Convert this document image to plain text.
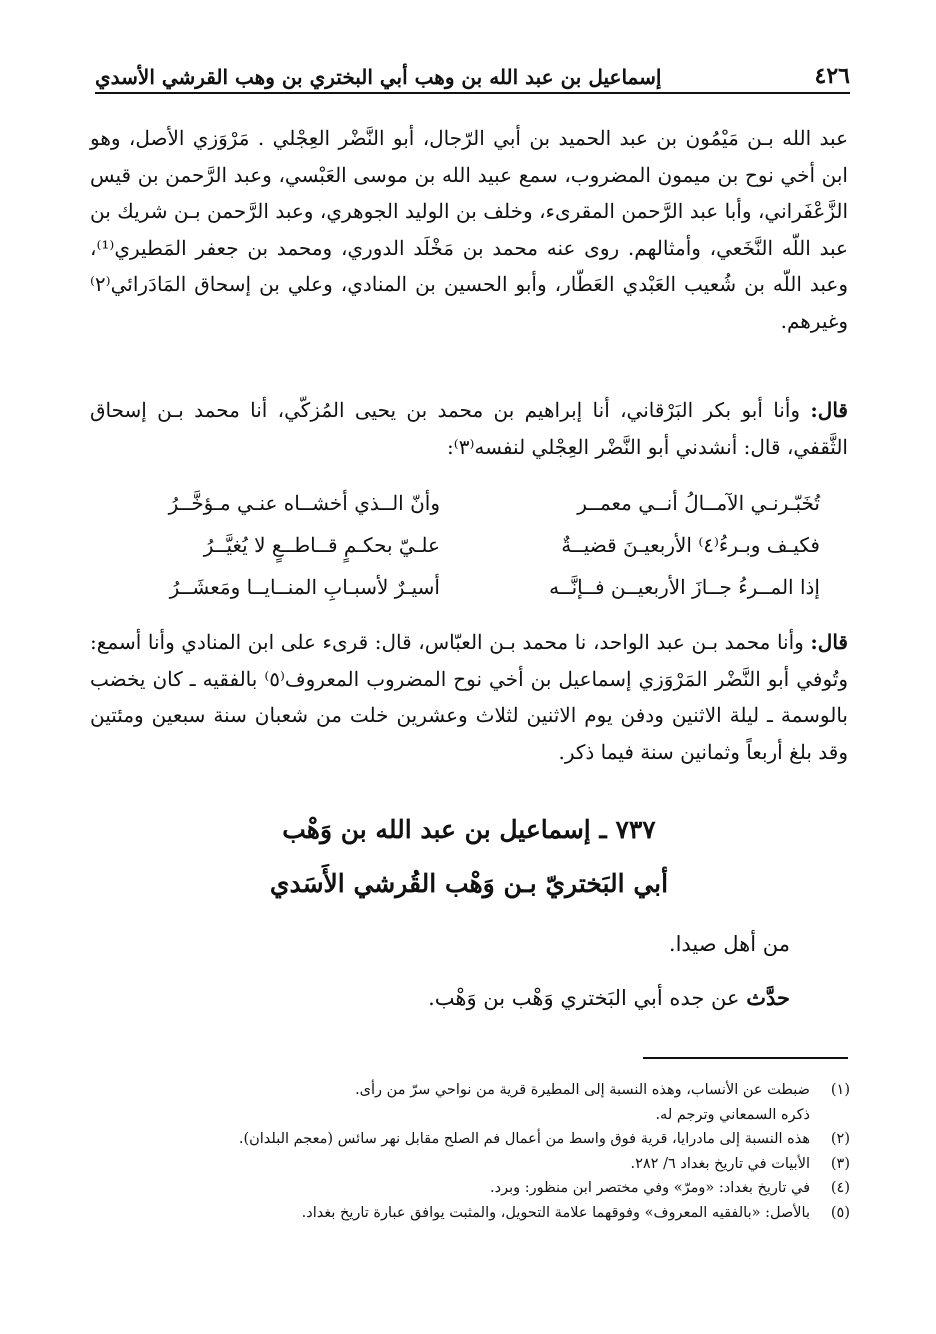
٤٢٦
إسماعيل بن عبد الله بن وهب أبي البختري بن وهب القرشي الأسدي
عبد الله بـن مَيْمُون بن عبد الحميد بن أبي الرّجال، أبو النَّضْر العِجْلي . مَرْوَزي الأصل، وهو ابن أخي نوح بن ميمون المضروب، سمع عبيد الله بن موسى العَبْسي، وعبد الرَّحمن بن قيس الزَّعْفَراني، وأبا عبد الرَّحمن المقرىء، وخلف بن الوليد الجوهري، وعبد الرَّحمن بـن شريك بن عبد اللّه النَّخَعي، وأمثالهم. روى عنه محمد بن مَخْلَد الدوري، ومحمد بن جعفر المَطيري⁽¹⁾، وعبد اللّه بن شُعيب العَبْدي العَطّار، وأبو الحسين بن المنادي، وعلي بن إسحاق المَادَرائي⁽٢⁾ وغيرهم.
قال: وأنا أبو بكر البَرْقاني، أنا إبراهيم بن محمد بن يحيى المُزكّي، أنا محمد بـن إسحاق الثَّقفي، قال: أنشدني أبو النَّضْر العِجْلي لنفسه⁽٣⁾:
تُخَبّـرنـي الآمــالُ أنــي معمــر
وأنّ الــذي أخشــاه عنـي مـؤخَّــرُ
فكيـف وبـرءُ⁽٤⁾ الأربعيـنَ قضيــةٌ
علـيّ بحكـمٍ قــاطــعٍ لا يُغيَّــرُ
إذا المــرءُ جــازَ الأربعيــن فــإنَّــه
أسيـرٌ لأسبـابِ المنــايــا ومَعشَــرُ
قال: وأنا محمد بـن عبد الواحد، نا محمد بـن العبّاس، قال: قرىء على ابن المنادي وأنا أسمع: وتُوفي أبو النَّضْر المَرْوَزي إسماعيل بن أخي نوح المضروب المعروف⁽٥⁾ بالفقيه ـ كان يخضب بالوسمة ـ ليلة الاثنين ودفن يوم الاثنين لثلاث وعشرين خلت من شعبان سنة سبعين ومئتين وقد بلغ أربعاً وثمانين سنة فيما ذكر.
٧٣٧ ـ إسماعيل بن عبد الله بن وَهْب
أبي البَختريّ بـن وَهْب القُرشي الأَسَدي
من أهل صيدا.
حدَّث عن جده أبي البَختري وَهْب بن وَهْب.
(١)
ضبطت عن الأنساب، وهذه النسبة إلى المطيرة قرية من نواحي سرّ من رأى.
ذكره السمعاني وترجم له.
(٢)
هذه النسبة إلى مادرايا، قرية فوق واسط من أعمال فم الصلح مقابل نهر سائس (معجم البلدان).
(٣)
الأبيات في تاريخ بغداد ٦/ ٢٨٢.
(٤)
في تاريخ بغداد: «ومرّ» وفي مختصر ابن منظور: وبرد.
(٥)
بالأصل: «بالفقيه المعروف» وفوقهما علامة التحويل، والمثبت يوافق عبارة تاريخ بغداد.
